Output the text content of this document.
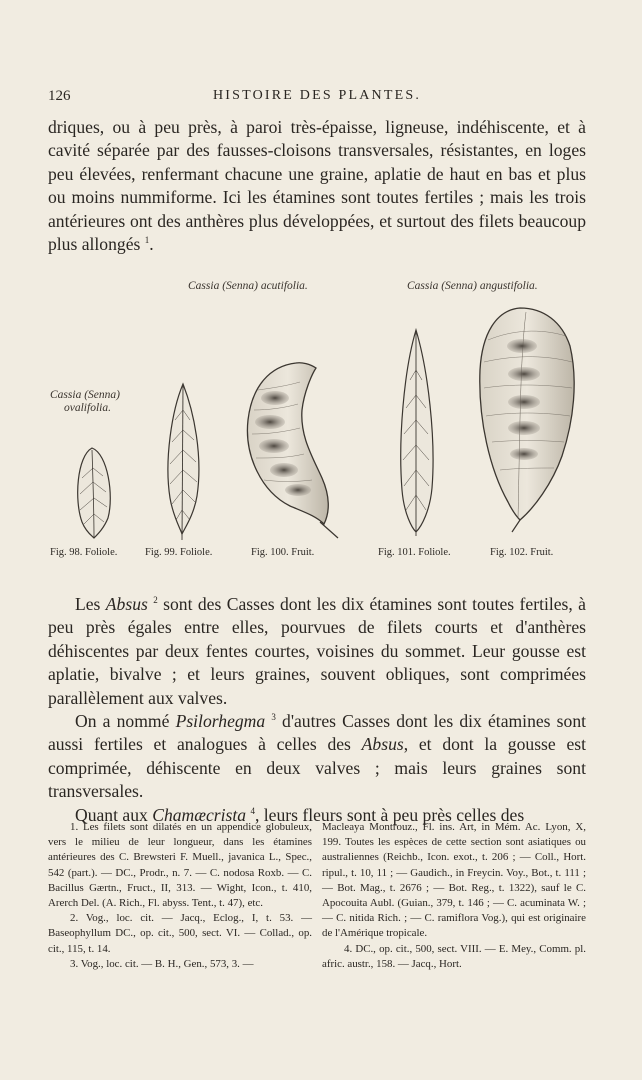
126	HISTOIRE DES PLANTES.

driques, ou à peu près, à paroi très-épaisse, ligneuse, indéhiscente, et à cavité séparée par des fausses-cloisons transversales, résistantes, en loges peu élevées, renfermant chacune une graine, aplatie de haut en bas et plus ou moins nummiforme. Ici les étamines sont toutes fertiles ; mais les trois antérieures ont des anthères plus développées, et surtout des filets beaucoup plus allongés $^1$.

Cassia (Senna) acutifolia.	Cassia (Senna) angustifolia.
Cassia (Senna)
ovalifolia.
Fig. 98. Foliole.	Fig. 99. Foliole.	Fig. 100. Fruit.	Fig. 101. Foliole.	Fig. 102. Fruit.

Les Absus $^2$ sont des Casses dont les dix étamines sont toutes fertiles, à peu près égales entre elles, pourvues de filets courts et d'anthères déhiscentes par deux fentes courtes, voisines du sommet. Leur gousse est aplatie, bivalve ; et leurs graines, souvent obliques, sont comprimées parallèlement aux valves.

On a nommé Psilorhegma $^3$ d'autres Casses dont les dix étamines sont aussi fertiles et analogues à celles des Absus, et dont la gousse est comprimée, déhiscente en deux valves ; mais leurs graines sont transversales.

Quant aux Chamæcrista $^4$, leurs fleurs sont à peu près celles des

1. Les filets sont dilatés en un appendice globuleux, vers le milieu de leur longueur, dans les étamines antérieures des C. Brewsteri F. Muell., javanica L., Spec., 542 (part.). — DC., Prodr., n. 7. — C. nodosa Roxb. — C. Bacillus Gærtn., Fruct., II, 313. — Wight, Icon., t. 410, Arerch Del. (A. Rich., Fl. abyss. Tent., t. 47), etc.

2. Vog., loc. cit. — Jacq., Eclog., I, t. 53. — Baseophyllum DC., op. cit., 500, sect. VI. — Collad., op. cit., 115, t. 14.

3. Vog., loc. cit. — B. H., Gen., 573, 3. —

Macleaya Montrouz., Fl. ins. Art, in Mém. Ac. Lyon, X, 199. Toutes les espèces de cette section sont asiatiques ou australiennes (Reichb., Icon. exot., t. 206 ; — Coll., Hort. ripul., t. 10, 11 ; — Gaudich., in Freycin. Voy., Bot., t. 111 ; — Bot. Mag., t. 2676 ; — Bot. Reg., t. 1322), sauf le C. Apocouita Aubl. (Guian., 379, t. 146 ; — C. acuminata W. ; — C. nitida Rich. ; — C. ramiflora Vog.), qui est originaire de l'Amérique tropicale.

4. DC., op. cit., 500, sect. VIII. — E. Mey., Comm. pl. afric. austr., 158. — Jacq., Hort.
